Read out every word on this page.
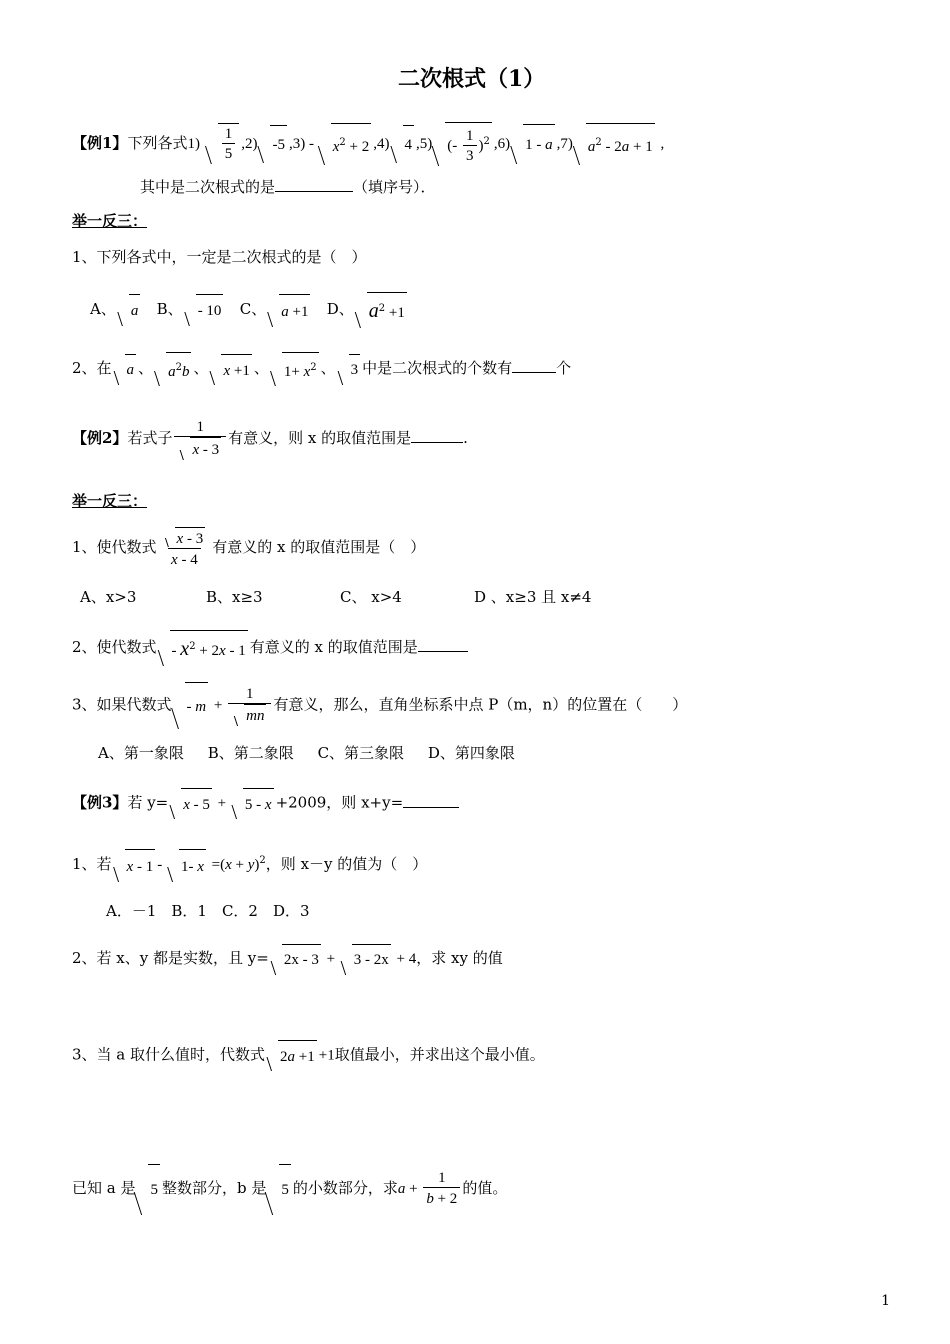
二次根式（1）
【例1】下列各式$1) \frac{1}{5} ,2$) -5 $,3) - x^2 + 2$ ,4) 4 ,5) (- $\frac{1}{3} )^2$ ,6) 1 - a ,7) $a^2 - 2a + 1$ ,
其中是二次根式的是	（填序号）．
举一反三：
1、下列各式中，一定是二次根式的是（　）
A、 a B、 - 10 C、 a +1 D、 $a^2 +1$
2、在 a 、 $a^2b$ 、 x +1 、 $1+ x^2$ 、 3 中是二次根式的个数有	个
【例2】若式子 $\frac{1}{x - 3}$ 有意义，则 x 的取值范围是	.
举一反三：
1、使代数式 $\frac{x - 3}{x - 4}$ 有意义的 x 的取值范围是（　）
A、x>3	B、x≥3	C、 x>4	D 、x≥3 且 x≠4
2、使代数式 - $x^2 + 2x - 1$ 有意义的 x 的取值范围是
3、如果代数式 - $m + \frac{1}{mn}$ 有意义，那么，直角坐标系中点 P（m，n）的位置在（　　）
A、第一象限 B、第二象限 C、第三象限 D、第四象限
【例3】若 y= x - 5 + 5 - x +2009，则 x+y=
1、若 x - 1 - 1- $x =(x + y)^2$，则 x－y 的值为（　）
A．－1　B．1　C．2　D．3
2、若 x、y 都是实数，且 y= 2x - 3 + 3 - 2x + 4，求 xy 的值
3、当 a 取什么值时，代数式 2a +1 +1取值最小，并求出这个最小值。
已知 a 是 5 整数部分，b 是 5 的小数部分，求$a + \frac{1}{b + 2}$ 的值。
1
